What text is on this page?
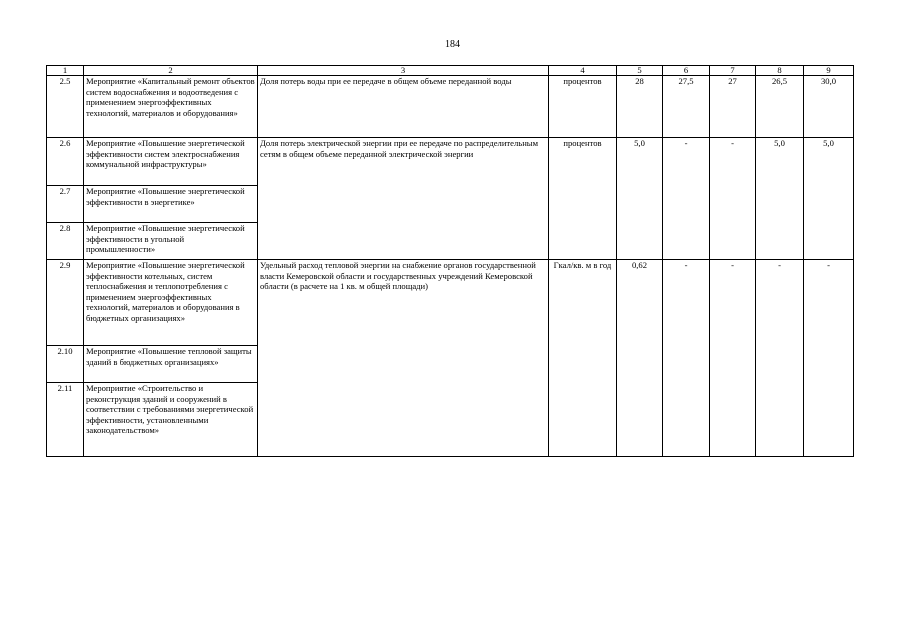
184
1	2	3	4	5	6	7	8	9
2.5	Мероприятие «Капитальный ремонт объектов систем водоснабжения и водоотведения с применением энергоэффективных технологий, материалов и оборудования»	Доля потерь воды при ее передаче в общем объеме переданной воды	процентов	28	27,5	27	26,5	30,0
2.6	Мероприятие «Повышение энергетической эффективности систем электроснабжения коммунальной инфраструктуры»	Доля потерь электрической энергии при ее передаче по распределительным сетям в общем объеме переданной электрической энергии	процентов	5,0	-	-	5,0	5,0
2.7	Мероприятие «Повышение энергетической эффективности в энергетике»							
2.8	Мероприятие «Повышение энергетической эффективности в угольной промышленности»							
2.9	Мероприятие «Повышение энергетической эффективности котельных, систем теплоснабжения и теплопотребления с применением энергоэффективных технологий, материалов и оборудования в бюджетных организациях»	Удельный расход тепловой энергии на снабжение органов государственной власти Кемеровской области и государственных учреждений Кемеровской области (в расчете на 1 кв. м общей площади)	Гкал/кв. м в год	0,62	-	-	-	-
2.10	Мероприятие «Повышение тепловой защиты зданий в бюджетных организациях»							
2.11	Мероприятие «Строительство и реконструкция зданий и сооружений в соответствии с требованиями энергетической эффективности, установленными законодательством»							
